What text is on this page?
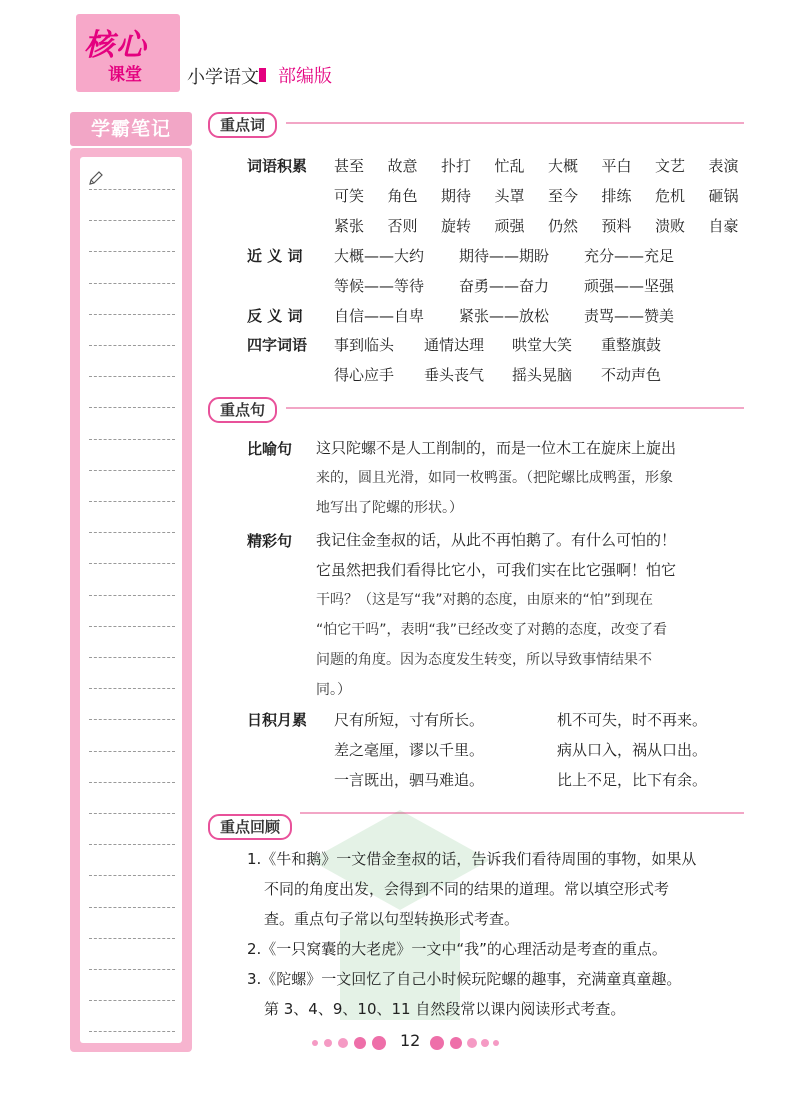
核心
课堂	小学语文 部编版
学霸笔记	重点词
词语积累 甚至 故意 扑打 忙乱 大概 平白 文艺 表演
可笑 角色 期待 头罩 至今 排练 危机 砸锅
紧张 否则 旋转 顽强 仍然 预料 溃败 自豪
近 义 词 大概——大约 期待——期盼 充分——充足
等候——等待 奋勇——奋力 顽强——坚强
反 义 词 自信——自卑 紧张——放松 责骂——赞美
四字词语 事到临头 通情达理 哄堂大笑 重整旗鼓
得心应手 垂头丧气 摇头晃脑 不动声色
重点句
比喻句 这只陀螺不是人工削制的，而是一位木工在旋床上旋出
来的，圆且光滑，如同一枚鸭蛋。（把陀螺比成鸭蛋，形象
地写出了陀螺的形状。）
精彩句 我记住金奎叔的话，从此不再怕鹅了。有什么可怕的！
它虽然把我们看得比它小，可我们实在比它强啊！怕它
干吗？（这是写“我”对鹅的态度，由原来的“怕”到现在
“怕它干吗”，表明“我”已经改变了对鹅的态度，改变了看
问题的角度。因为态度发生转变，所以导致事情结果不
同。）
日积月累 尺有所短，寸有所长。
差之毫厘，谬以千里。
一言既出，驷马难追。
机不可失，时不再来。
病从口入，祸从口出。
比上不足，比下有余。
重点回顾
1.《牛和鹅》一文借金奎叔的话，告诉我们看待周围的事物，如果从
不同的角度出发，会得到不同的结果的道理。常以填空形式考
查。重点句子常以句型转换形式考查。
2.《一只窝囊的大老虎》一文中“我”的心理活动是考查的重点。
3.《陀螺》一文回忆了自己小时候玩陀螺的趣事，充满童真童趣。
第 3、4、9、10、11 自然段常以课内阅读形式考查。
12
